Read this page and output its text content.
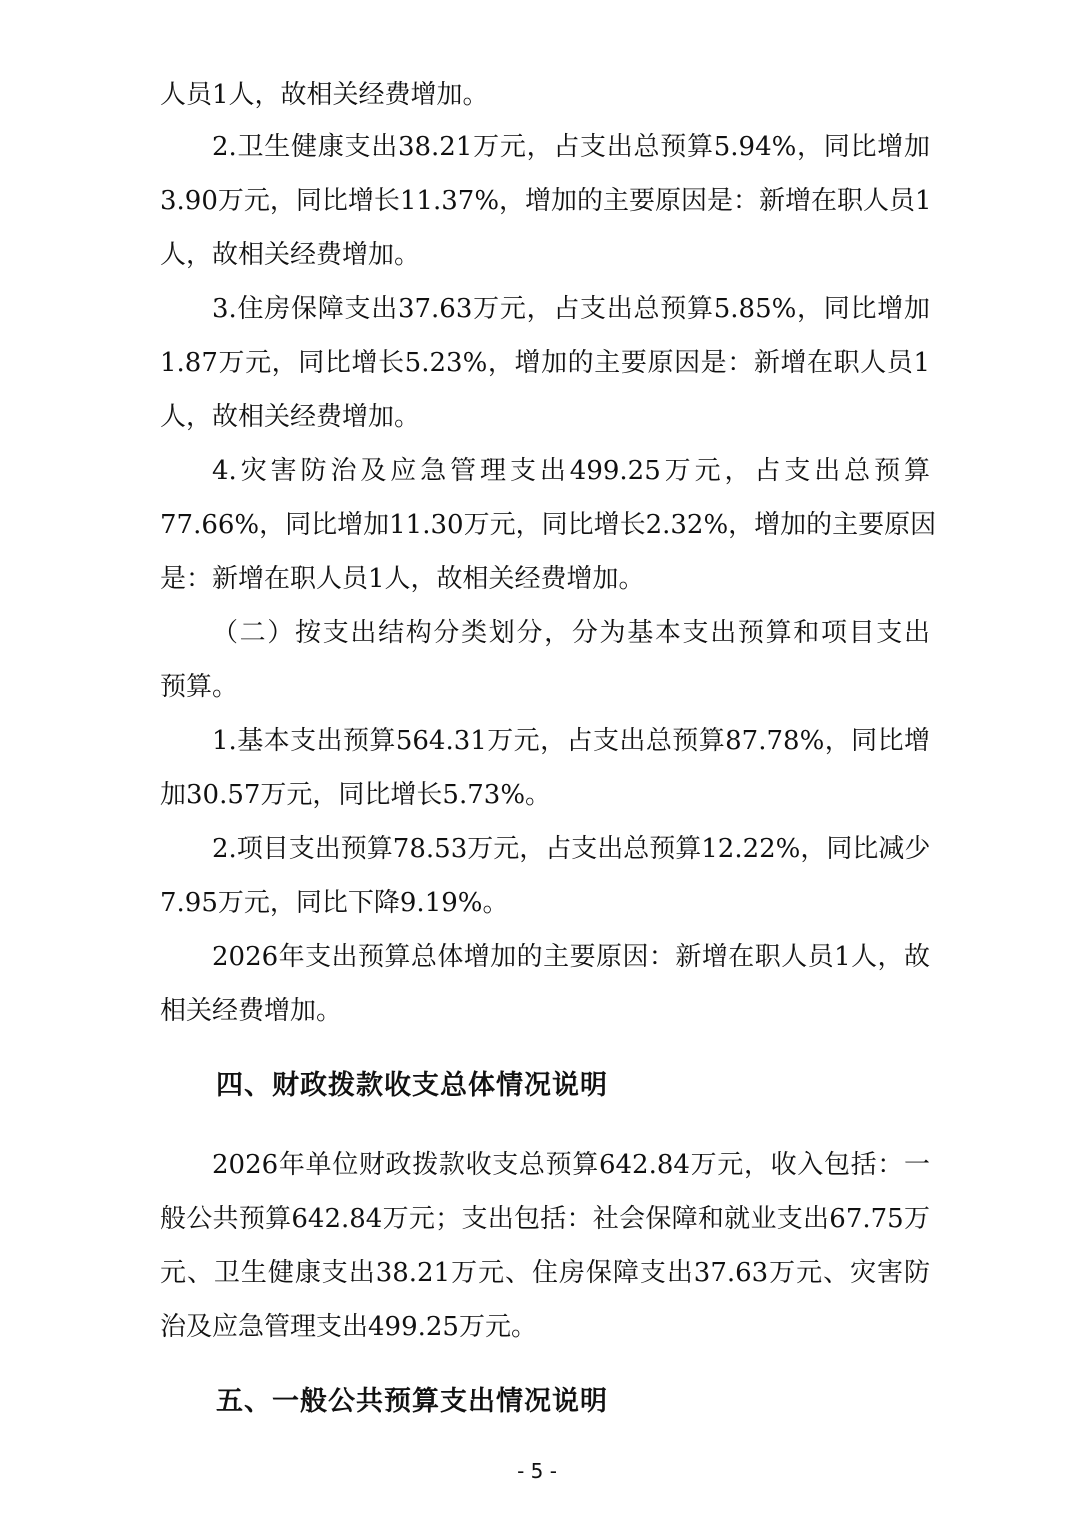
人员1人，故相关经费增加。
2.卫生健康支出38.21万元，占支出总预算5.94%，同比增加
3.90万元，同比增长11.37%，增加的主要原因是：新增在职人员1
人，故相关经费增加。
3.住房保障支出37.63万元，占支出总预算5.85%，同比增加
1.87万元，同比增长5.23%，增加的主要原因是：新增在职人员1
人，故相关经费增加。
4.灾害防治及应急管理支出499.25万元，占支出总预算
77.66%，同比增加11.30万元，同比增长2.32%，增加的主要原因
是：新增在职人员1人，故相关经费增加。
（二）按支出结构分类划分，分为基本支出预算和项目支出
预算。
1.基本支出预算564.31万元，占支出总预算87.78%，同比增
加30.57万元，同比增长5.73%。
2.项目支出预算78.53万元，占支出总预算12.22%，同比减少
7.95万元，同比下降9.19%。
2026年支出预算总体增加的主要原因：新增在职人员1人，故
相关经费增加。
四、财政拨款收支总体情况说明
2026年单位财政拨款收支总预算642.84万元，收入包括：一
般公共预算642.84万元；支出包括：社会保障和就业支出67.75万
元、卫生健康支出38.21万元、住房保障支出37.63万元、灾害防
治及应急管理支出499.25万元。
五、一般公共预算支出情况说明
- 5 -
